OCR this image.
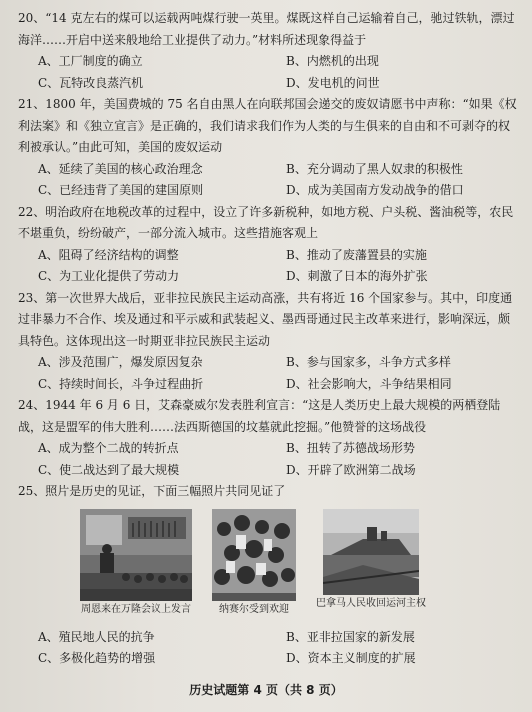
20、“14 克左右的煤可以运载两吨煤行驶一英里。煤既这样自己运输着自己，驰过铁轨，漂过海洋……开启中送来般地给工业提供了动力。”材料所述现象得益于
A、工厂制度的确立	B、内燃机的出现
C、瓦特改良蒸汽机	D、发电机的问世
21、1800 年，美国费城的 75 名自由黑人在向联邦国会递交的废奴请愿书中声称：“如果《权利法案》和《独立宣言》是正确的，我们请求我们作为人类的与生俱来的自由和不可剥夺的权利被承认。”由此可知，美国的废奴运动
A、延续了美国的核心政治理念	B、充分调动了黑人奴隶的积极性
C、已经违背了美国的建国原则	D、成为美国南方发动战争的借口
22、明治政府在地税改革的过程中，设立了许多新税种，如地方税、户头税、酱油税等，农民不堪重负，纷纷破产，一部分流入城市。这些措施客观上
A、阻碍了经济结构的调整	B、推动了废藩置县的实施
C、为工业化提供了劳动力	D、刺激了日本的海外扩张
23、第一次世界大战后，亚非拉民族民主运动高涨，共有将近 16 个国家参与。其中，印度通过非暴力不合作、埃及通过和平示威和武装起义、墨西哥通过民主改革来进行，影响深远，颇具特色。这体现出这一时期亚非拉民族民主运动
A、涉及范围广，爆发原因复杂	B、参与国家多，斗争方式多样
C、持续时间长，斗争过程曲折	D、社会影响大，斗争结果相同
24、1944 年 6 月 6 日，艾森豪威尔发表胜利宣言：“这是人类历史上最大规模的两栖登陆战，这是盟军的伟大胜利……法西斯德国的坟墓就此挖掘。”他赞誉的这场战役
A、成为整个二战的转折点	B、扭转了苏德战场形势
C、使二战达到了最大规模	D、开辟了欧洲第二战场
25、照片是历史的见证，下面三幅照片共同见证了
周恩来在万隆会议上发言	纳赛尔受到欢迎
巴拿马人民收回运河主权
A、殖民地人民的抗争	B、亚非拉国家的新发展
C、多极化趋势的增强	D、资本主义制度的扩展
历史试题第 4 页（共 8 页）
